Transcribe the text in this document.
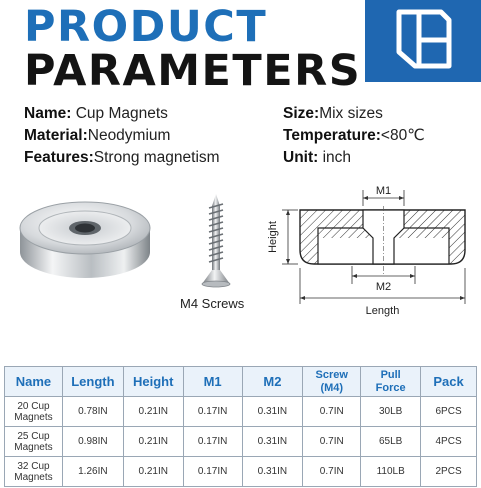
PRODUCT
PARAMETERS
Name: Cup Magnets
Material:Neodymium
Features:Strong magnetism
Size:Mix sizes
Temperature:<80℃
Unit: inch
M4 Screws
M1
Height
M2
Length
Name	Length	Height	M1	M2	Screw (M4)	Pull Force	Pack
20 Cup Magnets	0.78IN	0.21IN	0.17IN	0.31IN	0.7IN	30LB	6PCS
25 Cup Magnets	0.98IN	0.21IN	0.17IN	0.31IN	0.7IN	65LB	4PCS
32 Cup Magnets	1.26IN	0.21IN	0.17IN	0.31IN	0.7IN	110LB	2PCS
